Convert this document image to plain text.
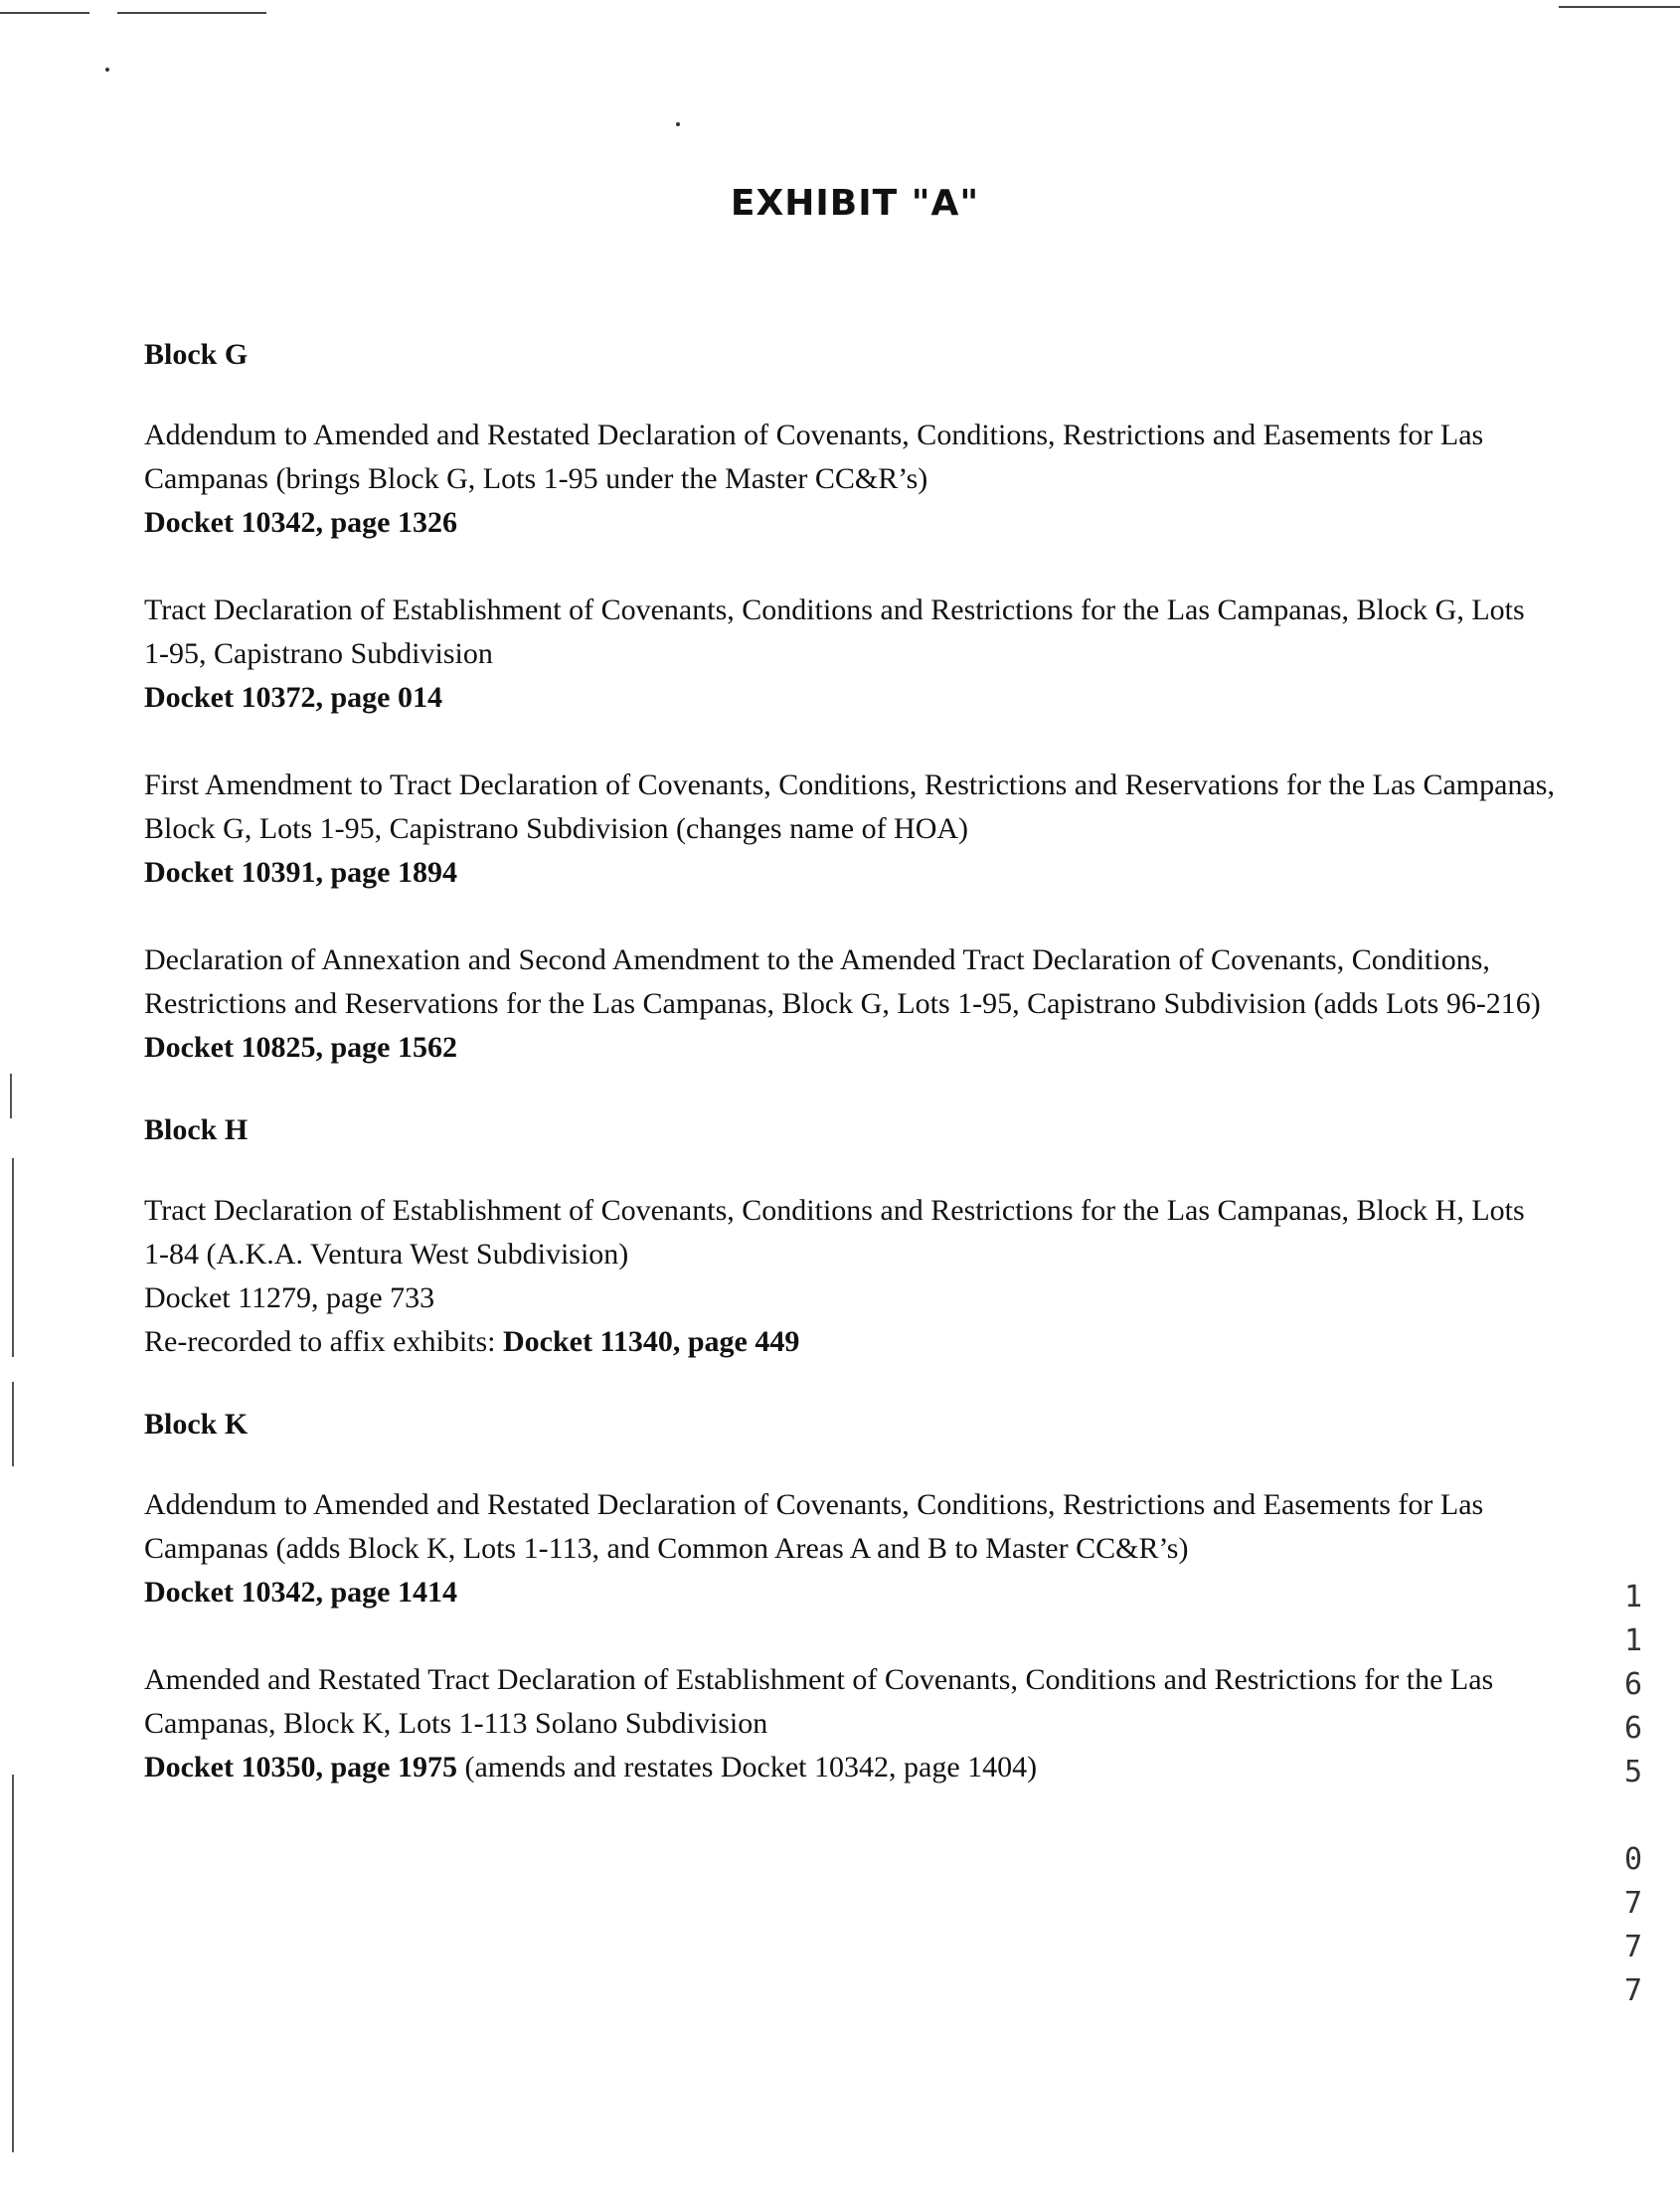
EXHIBIT "A"
Block G
Addendum to Amended and Restated Declaration of Covenants, Conditions, Restrictions and Easements for Las Campanas (brings Block G, Lots 1-95 under the Master CC&R’s)
Docket 10342, page 1326
Tract Declaration of Establishment of Covenants, Conditions and Restrictions for the Las Campanas, Block G, Lots 1-95, Capistrano Subdivision
Docket 10372, page 014
First Amendment to Tract Declaration of Covenants, Conditions, Restrictions and Reservations for the Las Campanas, Block G, Lots 1-95, Capistrano Subdivision (changes name of HOA)
Docket 10391, page 1894
Declaration of Annexation and Second Amendment to the Amended Tract Declaration of Covenants, Conditions, Restrictions and Reservations for the Las Campanas, Block G, Lots 1-95, Capistrano Subdivision (adds Lots 96-216)
Docket 10825, page 1562
Block H
Tract Declaration of Establishment of Covenants, Conditions and Restrictions for the Las Campanas, Block H, Lots 1-84 (A.K.A. Ventura West Subdivision)
Docket 11279, page 733
Re-recorded to affix exhibits: Docket 11340, page 449
Block K
Addendum to Amended and Restated Declaration of Covenants, Conditions, Restrictions and Easements for Las Campanas (adds Block K, Lots 1-113, and Common Areas A and B to Master CC&R’s)
Docket 10342, page 1414
Amended and Restated Tract Declaration of Establishment of Covenants, Conditions and Restrictions for the Las Campanas, Block K, Lots 1-113 Solano Subdivision
Docket 10350, page 1975 (amends and restates Docket 10342, page 1404)
1
1
6
6
5
0
7
7
7
